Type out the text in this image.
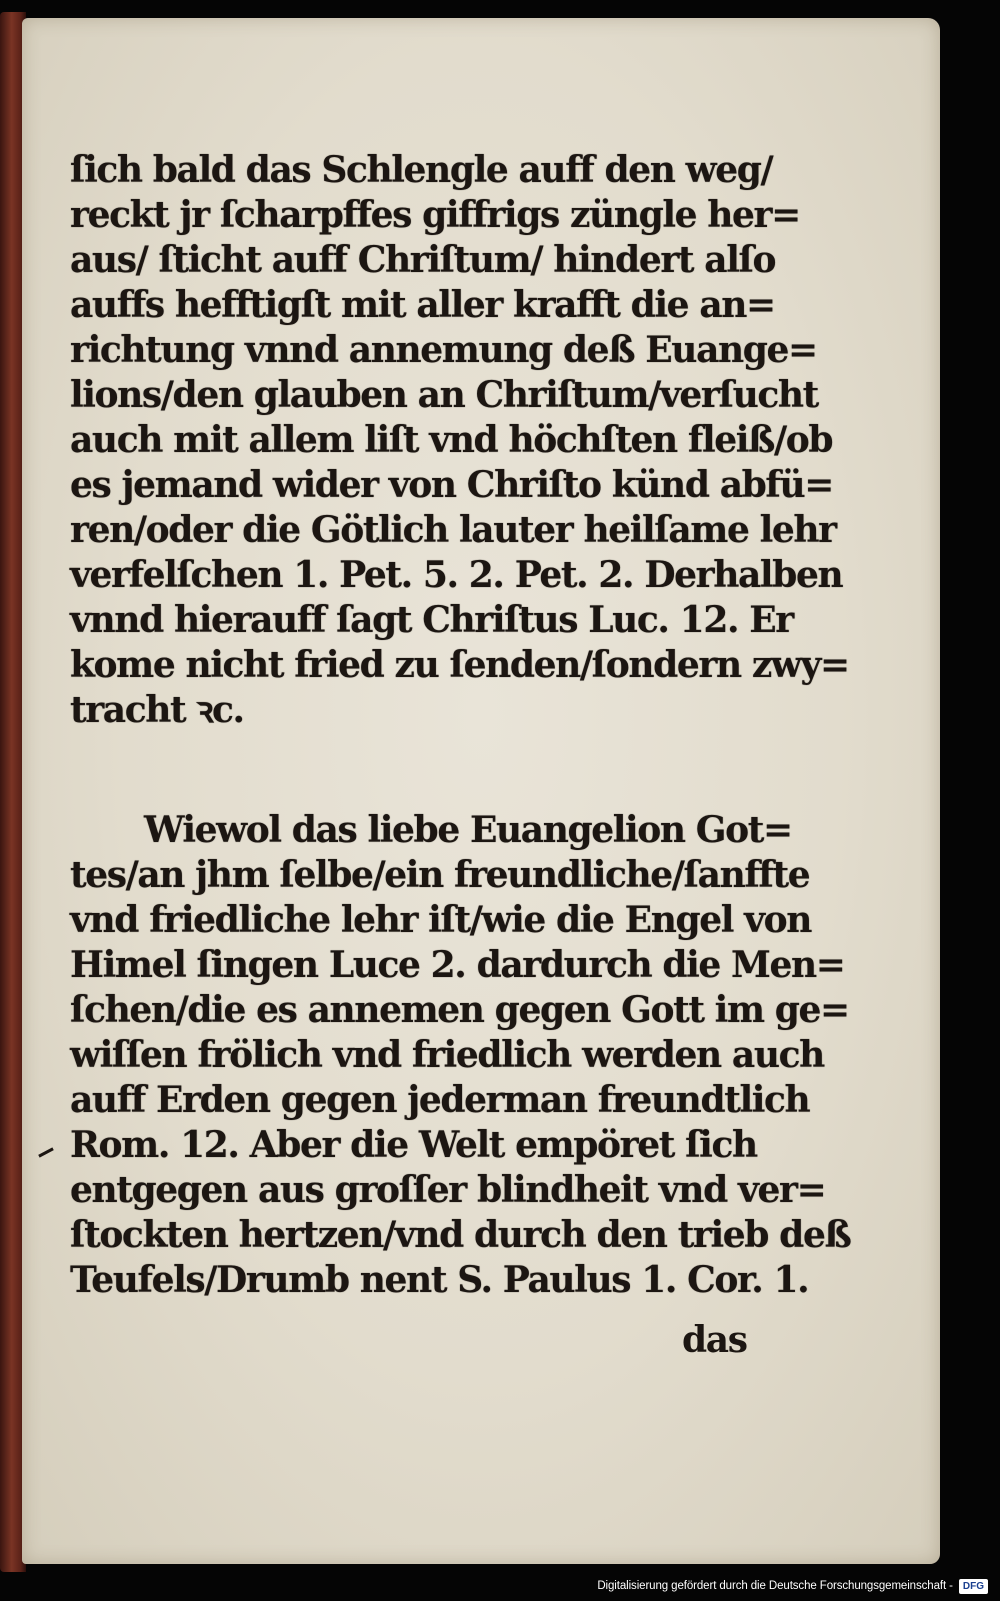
ſich bald das Schlengle auff den weg/
reckt jr ſcharpffes giffrigs züngle her=
aus/ ſticht auff Chriſtum/ hindert alſo
auffs hefftigſt mit aller krafft die an=
richtung vnnd annemung deß Euange=
lions/den glauben an Chriſtum/verſucht
auch mit allem liſt vnd höchſten fleiß/ob
es jemand wider von Chriſto künd abfü=
ren/oder die Götlich lauter heilſame lehr
verfelſchen 1. Pet. 5. 2. Pet. 2. Derhalben
vnnd hierauff ſagt Chriſtus Luc. 12. Er
kome nicht fried zu ſenden/ſondern zwy=
tracht ꝛc.
Wiewol das liebe Euangelion Got=
tes/an jhm ſelbe/ein freundliche/ſanffte
vnd friedliche lehr iſt/wie die Engel von
Himel ſingen Luce 2. dardurch die Men=
ſchen/die es annemen gegen Gott im ge=
wiſſen frölich vnd friedlich werden auch
auff Erden gegen jederman freundtlich
Rom. 12. Aber die Welt empöret ſich
entgegen aus groſſer blindheit vnd ver=
ſtockten hertzen/vnd durch den trieb deß
Teufels/Drumb nent S. Paulus 1. Cor. 1.
das
Digitalisierung gefördert durch die Deutsche Forschungsgemeinschaft -	DFG
